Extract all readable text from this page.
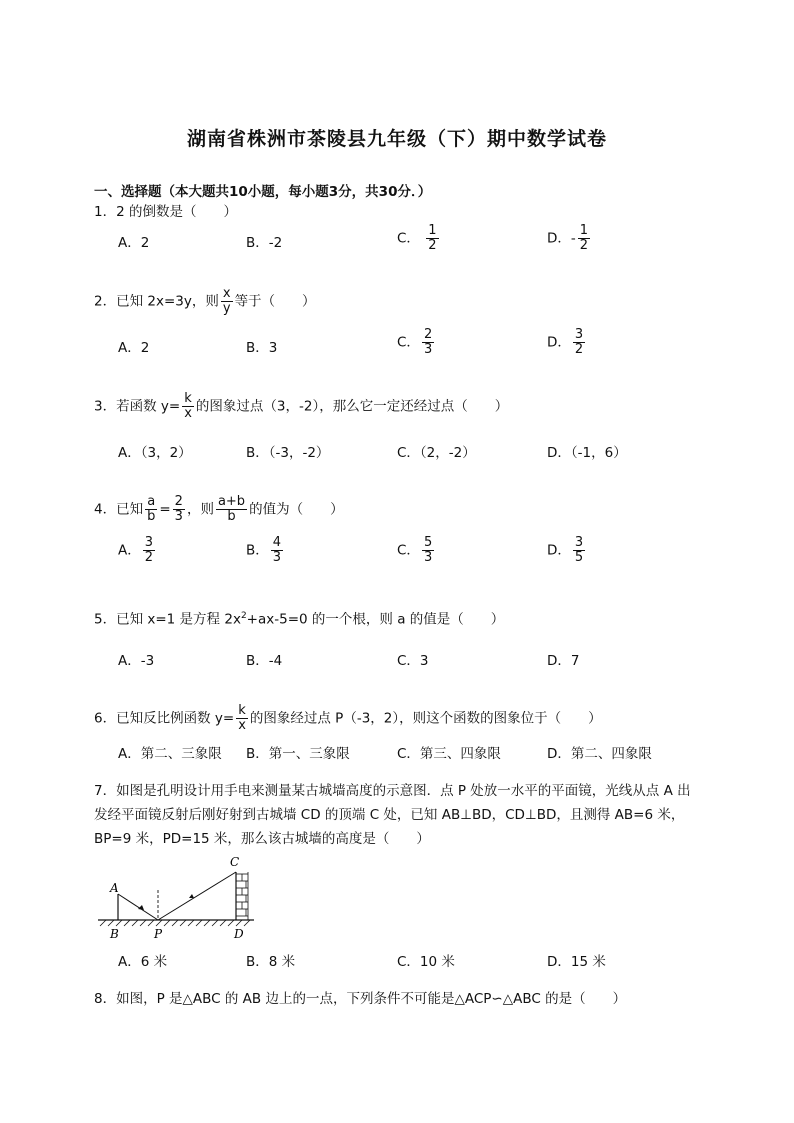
湖南省株洲市茶陵县九年级（下）期中数学试卷
一、选择题（本大题共10小题，每小题3分，共30分．）
1．2 的倒数是（　　）
A．2	B．-2	C． $\frac{1}{2}$	D．- $\frac{1}{2}$
2．已知 2x=3y，则 $\frac{x}{y}$ 等于（　　）
A．2	B．3	C． $\frac{2}{3}$	D． $\frac{3}{2}$
3．若函数 $y= \frac{k}{x}$ 的图象过点（3，-2），那么它一定还经过点（　　）
A．（3，2）	B．（-3，-2）	C．（2，-2）	D．（-1，6）
4．已知 $\frac{a}{b} = \frac{2}{3}$ ，则 $\frac{a+b}{b}$ 的值为（　　）
A． $\frac{3}{2}$	B． $\frac{4}{3}$	C． $\frac{5}{3}$	D． $\frac{3}{5}$
5．已知 x=1 是方程 $2x^2+ax-5=0$ 的一个根，则 a 的值是（　　）
A．-3	B．-4	C．3	D．7
6．已知反比例函数 $y= \frac{k}{x}$ 的图象经过点 P（-3，2），则这个函数的图象位于（　　）
A．第二、三象限 B．第一、三象限	C．第三、四象限	D．第二、四象限
7．如图是孔明设计用手电来测量某古城墙高度的示意图．点 P 处放一水平的平面镜，光线从点 A 出发经平面镜反射后刚好射到古城墙 CD 的顶端 C 处，已知 AB⊥BD，CD⊥BD，且测得 AB=6 米，BP=9 米，PD=15 米，那么该古城墙的高度是（　　）
A
B	P
C
D
A．6 米	B．8 米	C．10 米	D．15 米
8．如图，P 是△ABC 的 AB 边上的一点，下列条件不可能是△ACP∽△ABC 的是（　　）
